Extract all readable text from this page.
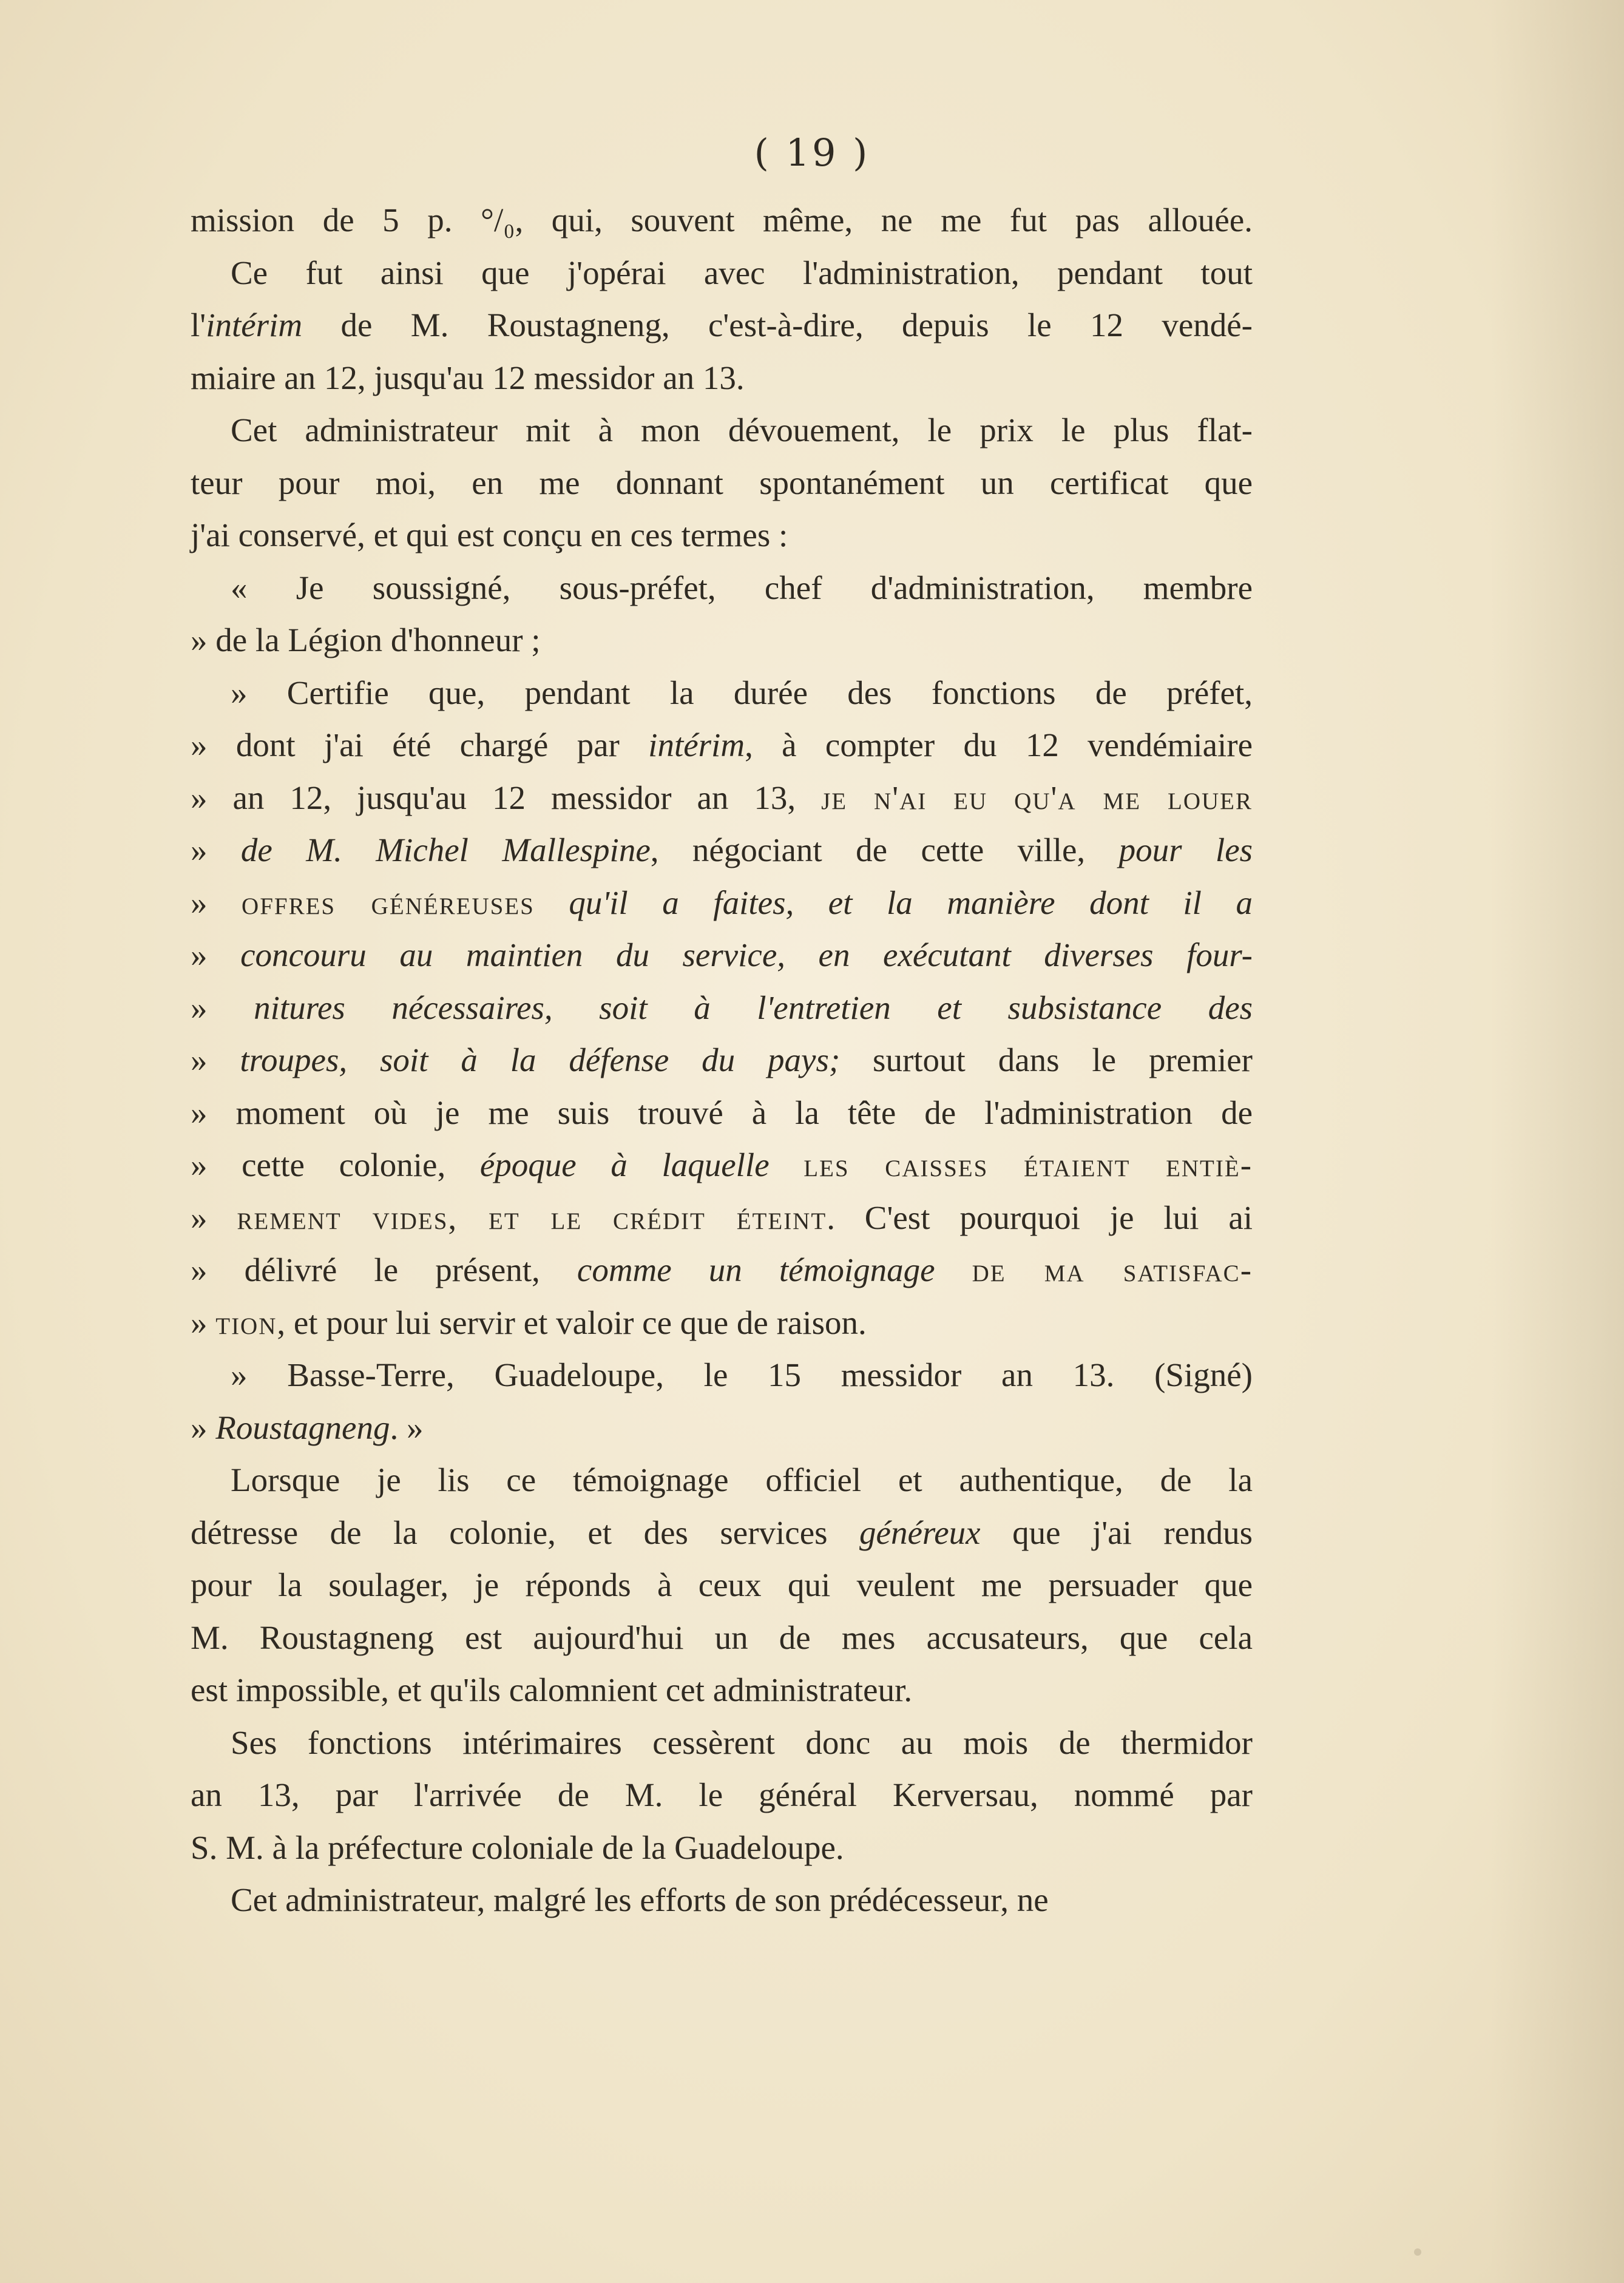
( 19 )
mission de 5 p. °/₀, qui, souvent même, ne me fut pas allouée.
Ce fut ainsi que j'opérai avec l'administration, pendant tout
l'intérim de M. Roustagneng, c'est-à-dire, depuis le 12 vendé-
miaire an 12, jusqu'au 12 messidor an 13.
Cet administrateur mit à mon dévouement, le prix le plus flat-
teur pour moi, en me donnant spontanément un certificat que
j'ai conservé, et qui est conçu en ces termes :
« Je soussigné, sous-préfet, chef d'administration, membre
» de la Légion d'honneur ;
» Certifie que, pendant la durée des fonctions de préfet,
» dont j'ai été chargé par intérim, à compter du 12 vendémiaire
» an 12, jusqu'au 12 messidor an 13, je n'ai eu qu'a me louer
» de M. Michel Mallespine, négociant de cette ville, pour les
» offres généreuses qu'il a faites, et la manière dont il a
» concouru au maintien du service, en exécutant diverses four-
» nitures nécessaires, soit à l'entretien et subsistance des
» troupes, soit à la défense du pays; surtout dans le premier
» moment où je me suis trouvé à la tête de l'administration de
» cette colonie, époque à laquelle les caisses étaient entiè-
» rement vides, et le crédit éteint. C'est pourquoi je lui ai
» délivré le présent, comme un témoignage de ma satisfac-
» tion, et pour lui servir et valoir ce que de raison.
» Basse-Terre, Guadeloupe, le 15 messidor an 13. (Signé)
» Roustagneng. »
Lorsque je lis ce témoignage officiel et authentique, de la
détresse de la colonie, et des services généreux que j'ai rendus
pour la soulager, je réponds à ceux qui veulent me persuader que
M. Roustagneng est aujourd'hui un de mes accusateurs, que cela
est impossible, et qu'ils calomnient cet administrateur.
Ses fonctions intérimaires cessèrent donc au mois de thermidor
an 13, par l'arrivée de M. le général Kerversau, nommé par
S. M. à la préfecture coloniale de la Guadeloupe.
Cet administrateur, malgré les efforts de son prédécesseur, ne
